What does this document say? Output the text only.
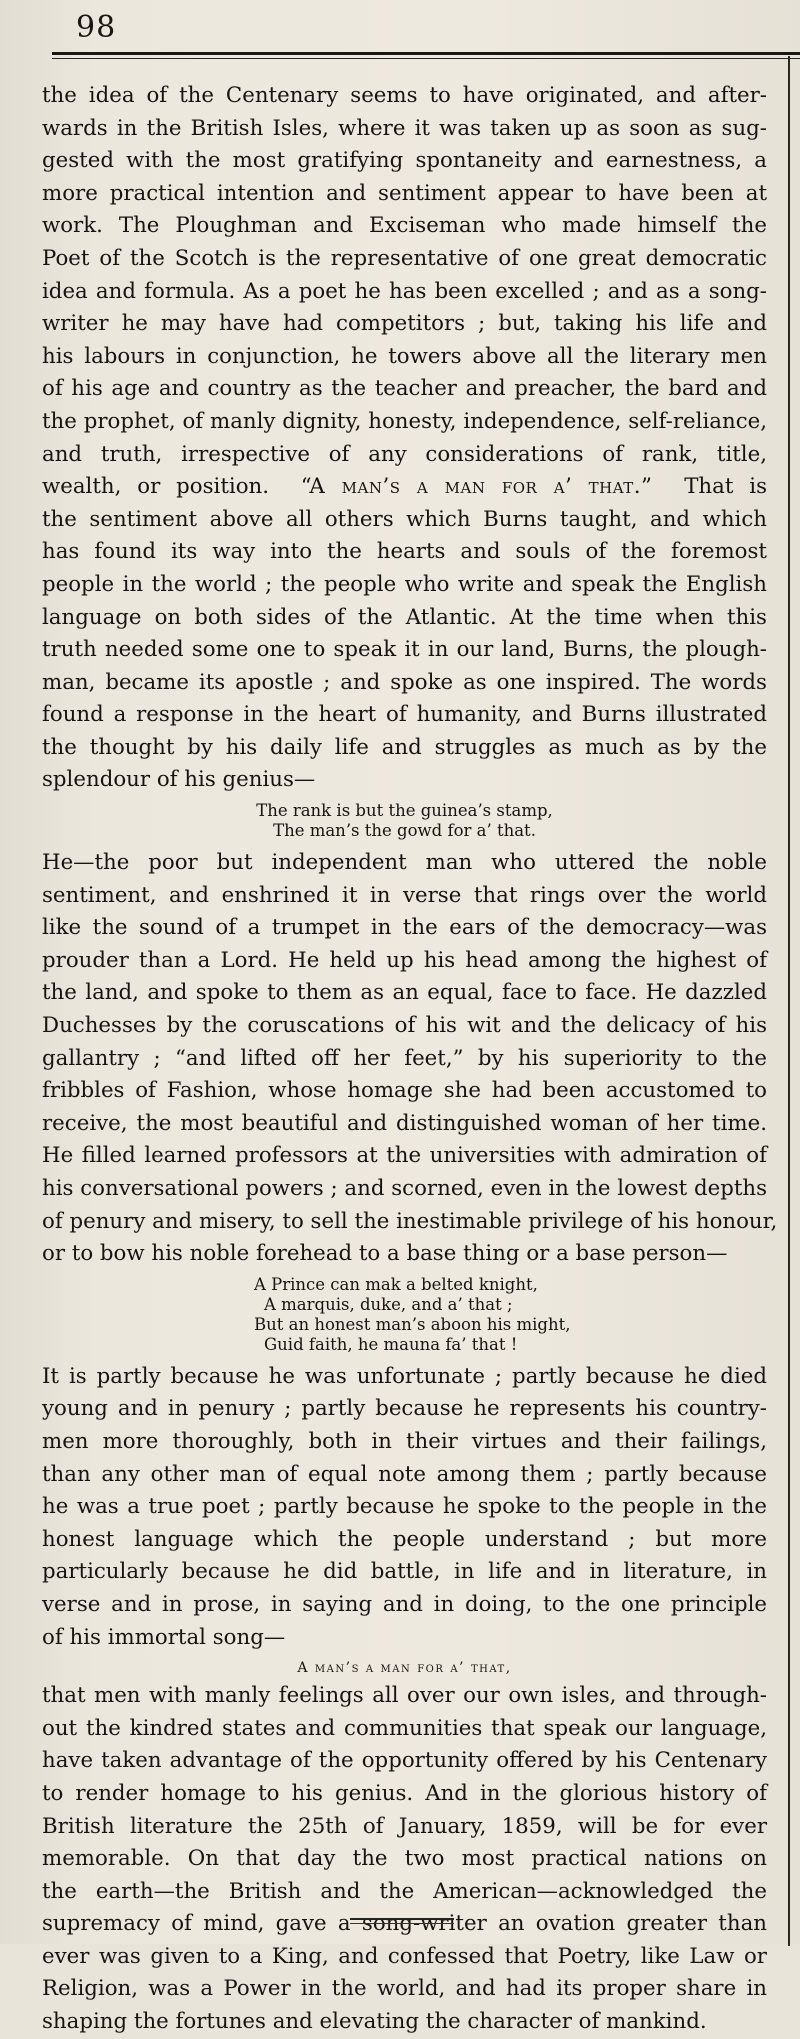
98

the idea of the Centenary seems to have originated, and after-
wards in the British Isles, where it was taken up as soon as sug-
gested with the most gratifying spontaneity and earnestness, a
more practical intention and sentiment appear to have been at
work. The Ploughman and Exciseman who made himself the
Poet of the Scotch is the representative of one great democratic
idea and formula. As a poet he has been excelled ; and as a song-
writer he may have had competitors ; but, taking his life and
his labours in conjunction, he towers above all the literary men
of his age and country as the teacher and preacher, the bard and
the prophet, of manly dignity, honesty, independence, self-reliance,
and truth, irrespective of any considerations of rank, title,
wealth, or position. “A man’s a man for a’ that.” That is
the sentiment above all others which Burns taught, and which
has found its way into the hearts and souls of the foremost
people in the world ; the people who write and speak the English
language on both sides of the Atlantic. At the time when this
truth needed some one to speak it in our land, Burns, the plough-
man, became its apostle ; and spoke as one inspired. The words
found a response in the heart of humanity, and Burns illustrated
the thought by his daily life and struggles as much as by the
splendour of his genius—

The rank is but the guinea’s stamp,
The man’s the gowd for a’ that.

He—the poor but independent man who uttered the noble
sentiment, and enshrined it in verse that rings over the world
like the sound of a trumpet in the ears of the democracy—was
prouder than a Lord. He held up his head among the highest of
the land, and spoke to them as an equal, face to face. He dazzled
Duchesses by the coruscations of his wit and the delicacy of his
gallantry ; “and lifted off her feet,” by his superiority to the
fribbles of Fashion, whose homage she had been accustomed to
receive, the most beautiful and distinguished woman of her time.
He filled learned professors at the universities with admiration of
his conversational powers ; and scorned, even in the lowest depths
of penury and misery, to sell the inestimable privilege of his honour,
or to bow his noble forehead to a base thing or a base person—

A Prince can mak a belted knight,
A marquis, duke, and a’ that ;
But an honest man’s aboon his might,
Guid faith, he mauna fa’ that !

It is partly because he was unfortunate ; partly because he died
young and in penury ; partly because he represents his country-
men more thoroughly, both in their virtues and their failings,
than any other man of equal note among them ; partly because
he was a true poet ; partly because he spoke to the people in the
honest language which the people understand ; but more
particularly because he did battle, in life and in literature, in
verse and in prose, in saying and in doing, to the one principle
of his immortal song—

A man’s a man for a’ that,

that men with manly feelings all over our own isles, and through-
out the kindred states and communities that speak our language,
have taken advantage of the opportunity offered by his Centenary
to render homage to his genius. And in the glorious history of
British literature the 25th of January, 1859, will be for ever
memorable. On that day the two most practical nations on
the earth—the British and the American—acknowledged the
supremacy of mind, gave a song-writer an ovation greater than
ever was given to a King, and confessed that Poetry, like Law or
Religion, was a Power in the world, and had its proper share in
shaping the fortunes and elevating the character of mankind.
